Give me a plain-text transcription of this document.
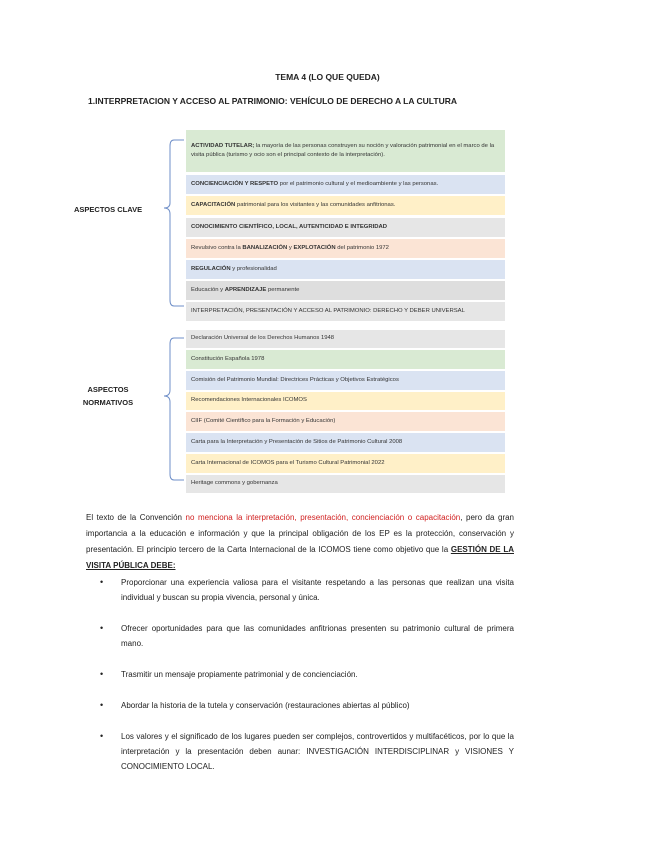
TEMA 4 (LO QUE QUEDA)
1.INTERPRETACION Y ACCESO AL PATRIMONIO: VEHÍCULO DE DERECHO A LA CULTURA
ASPECTOS CLAVE
ASPECTOS
NORMATIVOS
ACTIVIDAD TUTELAR; la mayoría de las personas construyen su noción y valoración patrimonial en el marco de la visita pública (turismo y ocio son el principal contexto de la interpretación).
CONCIENCIACIÓN Y RESPETO por el patrimonio cultural y el medioambiente y las personas.
CAPACITACIÓN patrimonial para los visitantes y las comunidades anfitrionas.
CONOCIMIENTO CIENTÍFICO, LOCAL, AUTENTICIDAD E INTEGRIDAD
Revulsivo contra la BANALIZACIÓN y EXPLOTACIÓN del patrimonio 1972
REGULACIÓN y profesionalidad
Educación y APRENDIZAJE permanente
INTERPRETACIÓN, PRESENTACIÓN Y ACCESO AL PATRIMONIO: DERECHO Y DEBER UNIVERSAL
Declaración Universal de los Derechos Humanos 1948
Constitución Española 1978
Comisión del Patrimonio Mundial: Directrices Prácticas y Objetivos Estratégicos
Recomendaciones Internacionales ICOMOS
CIIF (Comité Científico para la Formación y Educación)
Carta para la Interpretación y Presentación de Sitios de Patrimonio Cultural 2008
Carta Internacional de ICOMOS para el Turismo Cultural Patrimonial 2022
Heritage commons y gobernanza
El texto de la Convención no menciona la interpretación, presentación, concienciación o capacitación, pero da gran importancia a la educación e información y que la principal obligación de los EP es la protección, conservación y presentación. El principio tercero de la Carta Internacional de la ICOMOS tiene como objetivo que la GESTIÓN DE LA VISITA PÚBLICA DEBE:
• Proporcionar una experiencia valiosa para el visitante respetando a las personas que realizan una visita individual y buscan su propia vivencia, personal y única.
• Ofrecer oportunidades para que las comunidades anfitrionas presenten su patrimonio cultural de primera mano.
• Trasmitir un mensaje propiamente patrimonial y de concienciación.
• Abordar la historia de la tutela y conservación (restauraciones abiertas al público)
• Los valores y el significado de los lugares pueden ser complejos, controvertidos y multifacéticos, por lo que la interpretación y la presentación deben aunar: INVESTIGACIÓN INTERDISCIPLINAR y VISIONES Y CONOCIMIENTO LOCAL.
